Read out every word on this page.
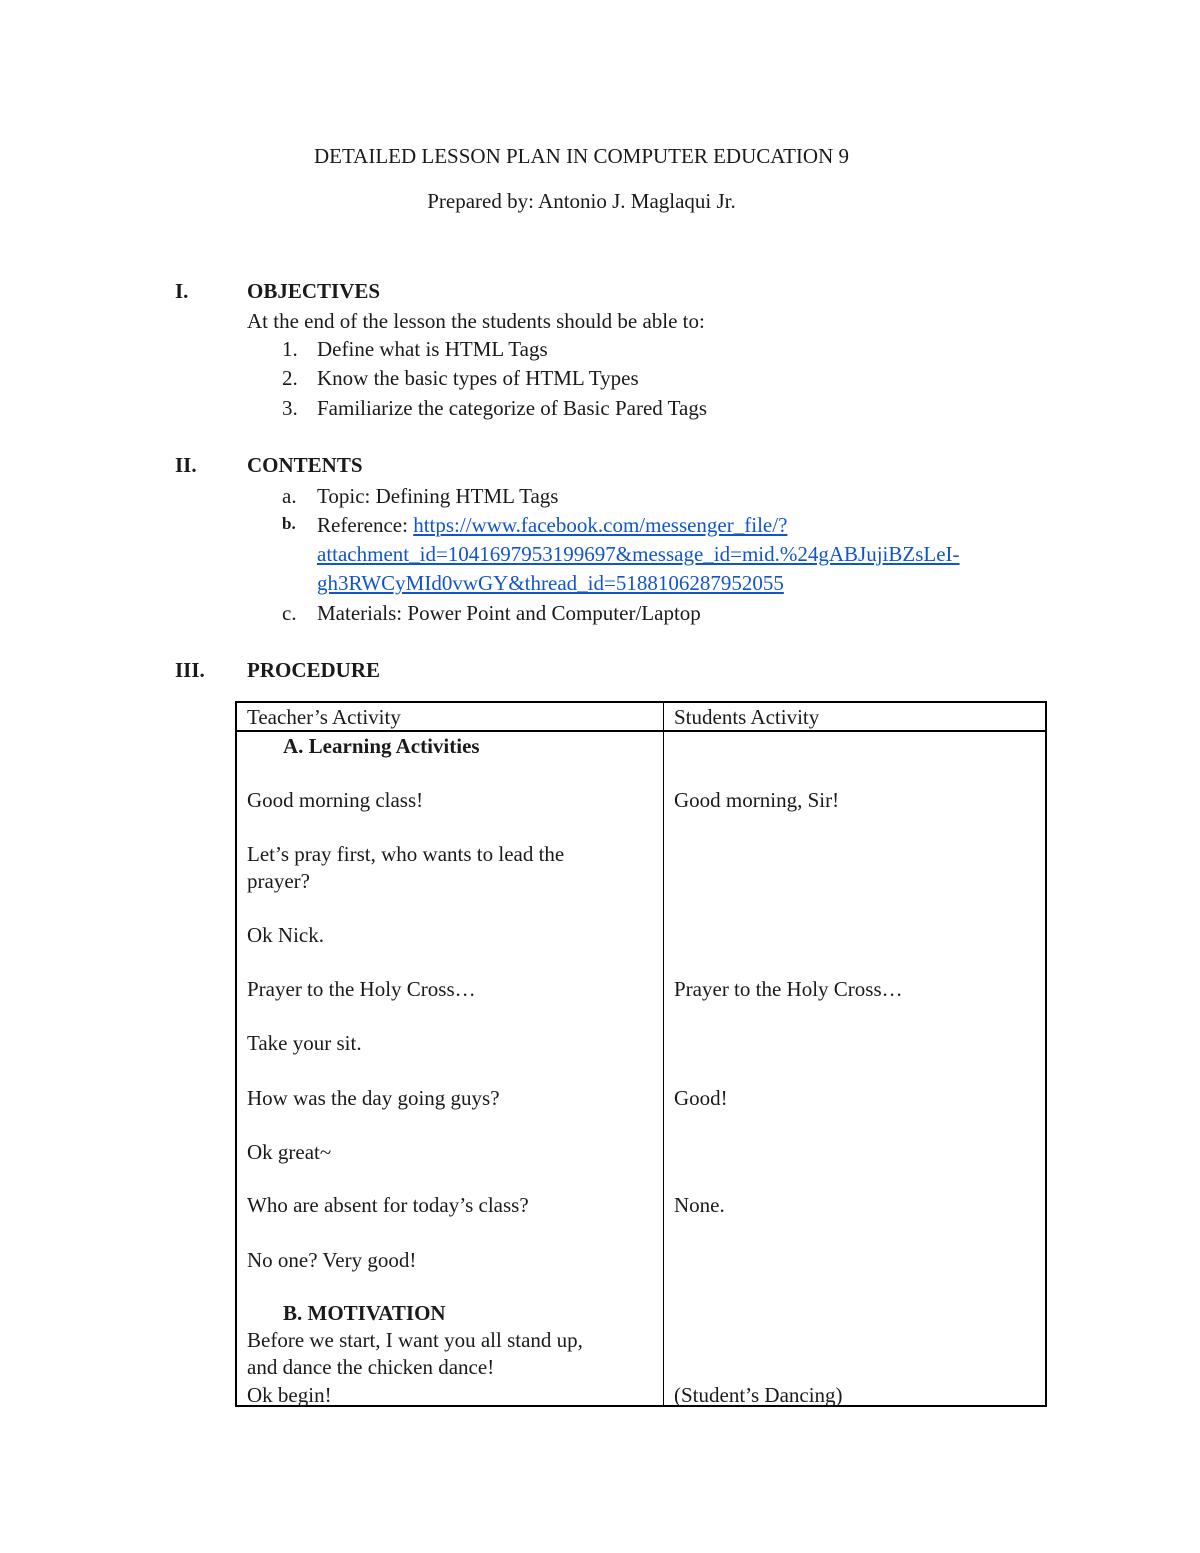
DETAILED LESSON PLAN IN COMPUTER EDUCATION 9
Prepared by: Antonio J. Maglaqui Jr.
I.	OBJECTIVES
At the end of the lesson the students should be able to:
1. Define what is HTML Tags
2. Know the basic types of HTML Types
3. Familiarize the categorize of Basic Pared Tags
II. CONTENTS
a. Topic: Defining HTML Tags
b. Reference: https://www.facebook.com/messenger_file/?
attachment_id=1041697953199697&message_id=mid.%24gABJujiBZsLeI-
gh3RWCyMId0vwGY&thread_id=5188106287952055
c. Materials: Power Point and Computer/Laptop
III. PROCEDURE
Teacher’s Activity	Students Activity
A. Learning Activities
Good morning class!	Good morning, Sir!
Let’s pray first, who wants to lead the
prayer?
Ok Nick.
Prayer to the Holy Cross…	Prayer to the Holy Cross…
Take your sit.
How was the day going guys?	Good!
Ok great~
Who are absent for today’s class?	None.
No one? Very good!
B. MOTIVATION
Before we start, I want you all stand up,
and dance the chicken dance!
Ok begin!	(Student’s Dancing)
